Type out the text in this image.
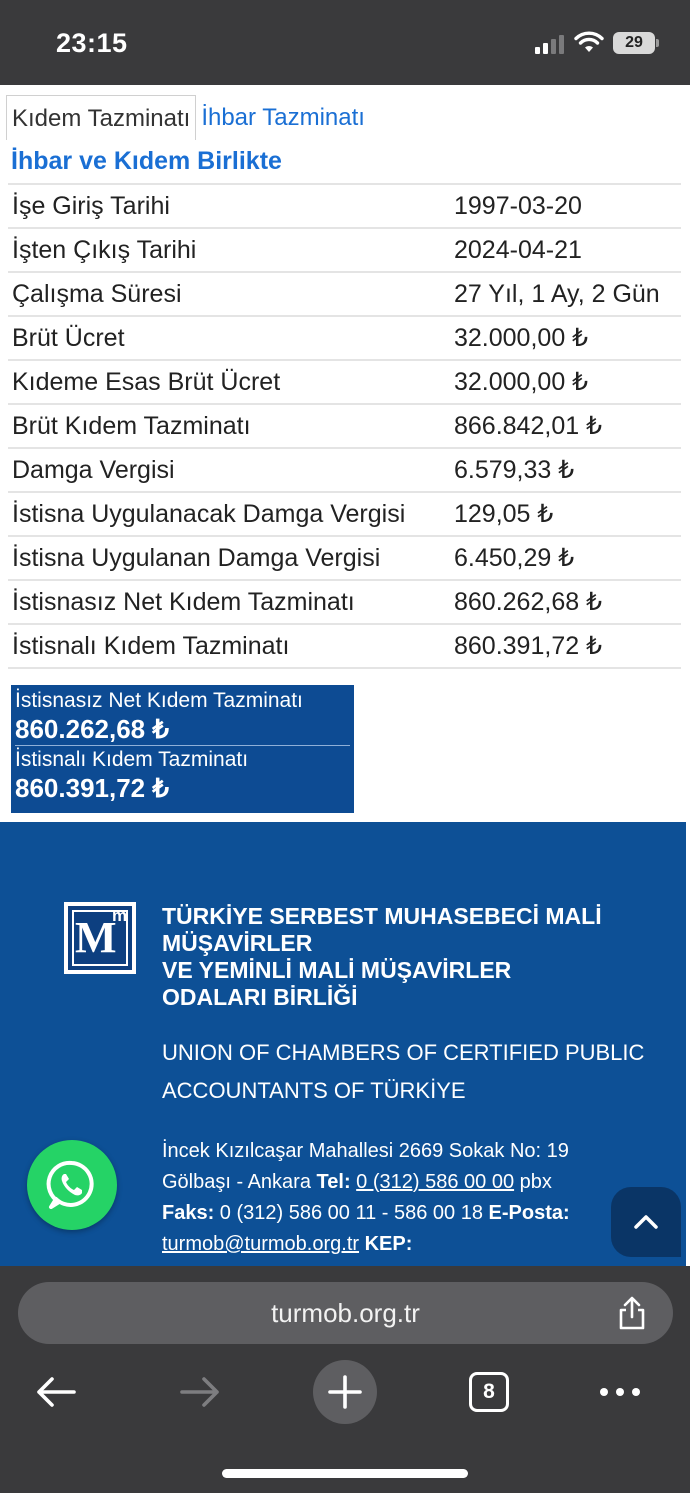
23:15	29
Kıdem Tazminatı İhbar Tazminatı
İhbar ve Kıdem Birlikte
İşe Giriş Tarihi	1997-03-20
İşten Çıkış Tarihi	2024-04-21
Çalışma Süresi	27 Yıl, 1 Ay, 2 Gün
Brüt Ücret	32.000,00 ₺
Kıdeme Esas Brüt Ücret	32.000,00 ₺
Brüt Kıdem Tazminatı	866.842,01 ₺
Damga Vergisi	6.579,33 ₺
İstisna Uygulanacak Damga Vergisi	129,05 ₺
İstisna Uygulanan Damga Vergisi	6.450,29 ₺
İstisnasız Net Kıdem Tazminatı	860.262,68 ₺
İstisnalı Kıdem Tazminatı	860.391,72 ₺
İstisnasız Net Kıdem Tazminatı
860.262,68 ₺
İstisnalı Kıdem Tazminatı
860.391,72 ₺
M
m TÜRKİYE SERBEST MUHASEBECİ MALİ
MÜŞAVİRLER
VE YEMİNLİ MALİ MÜŞAVİRLER
ODALARI BİRLİĞİ
UNION OF CHAMBERS OF CERTIFIED PUBLIC
ACCOUNTANTS OF TÜRKİYE
İncek Kızılcaşar Mahallesi 2669 Sokak No: 19
Gölbaşı - Ankara Tel: 0 (312) 586 00 00 pbx
Faks: 0 (312) 586 00 11 - 586 00 18 E-Posta:
turmob@turmob.org.tr KEP:
turmob.org.tr
8
